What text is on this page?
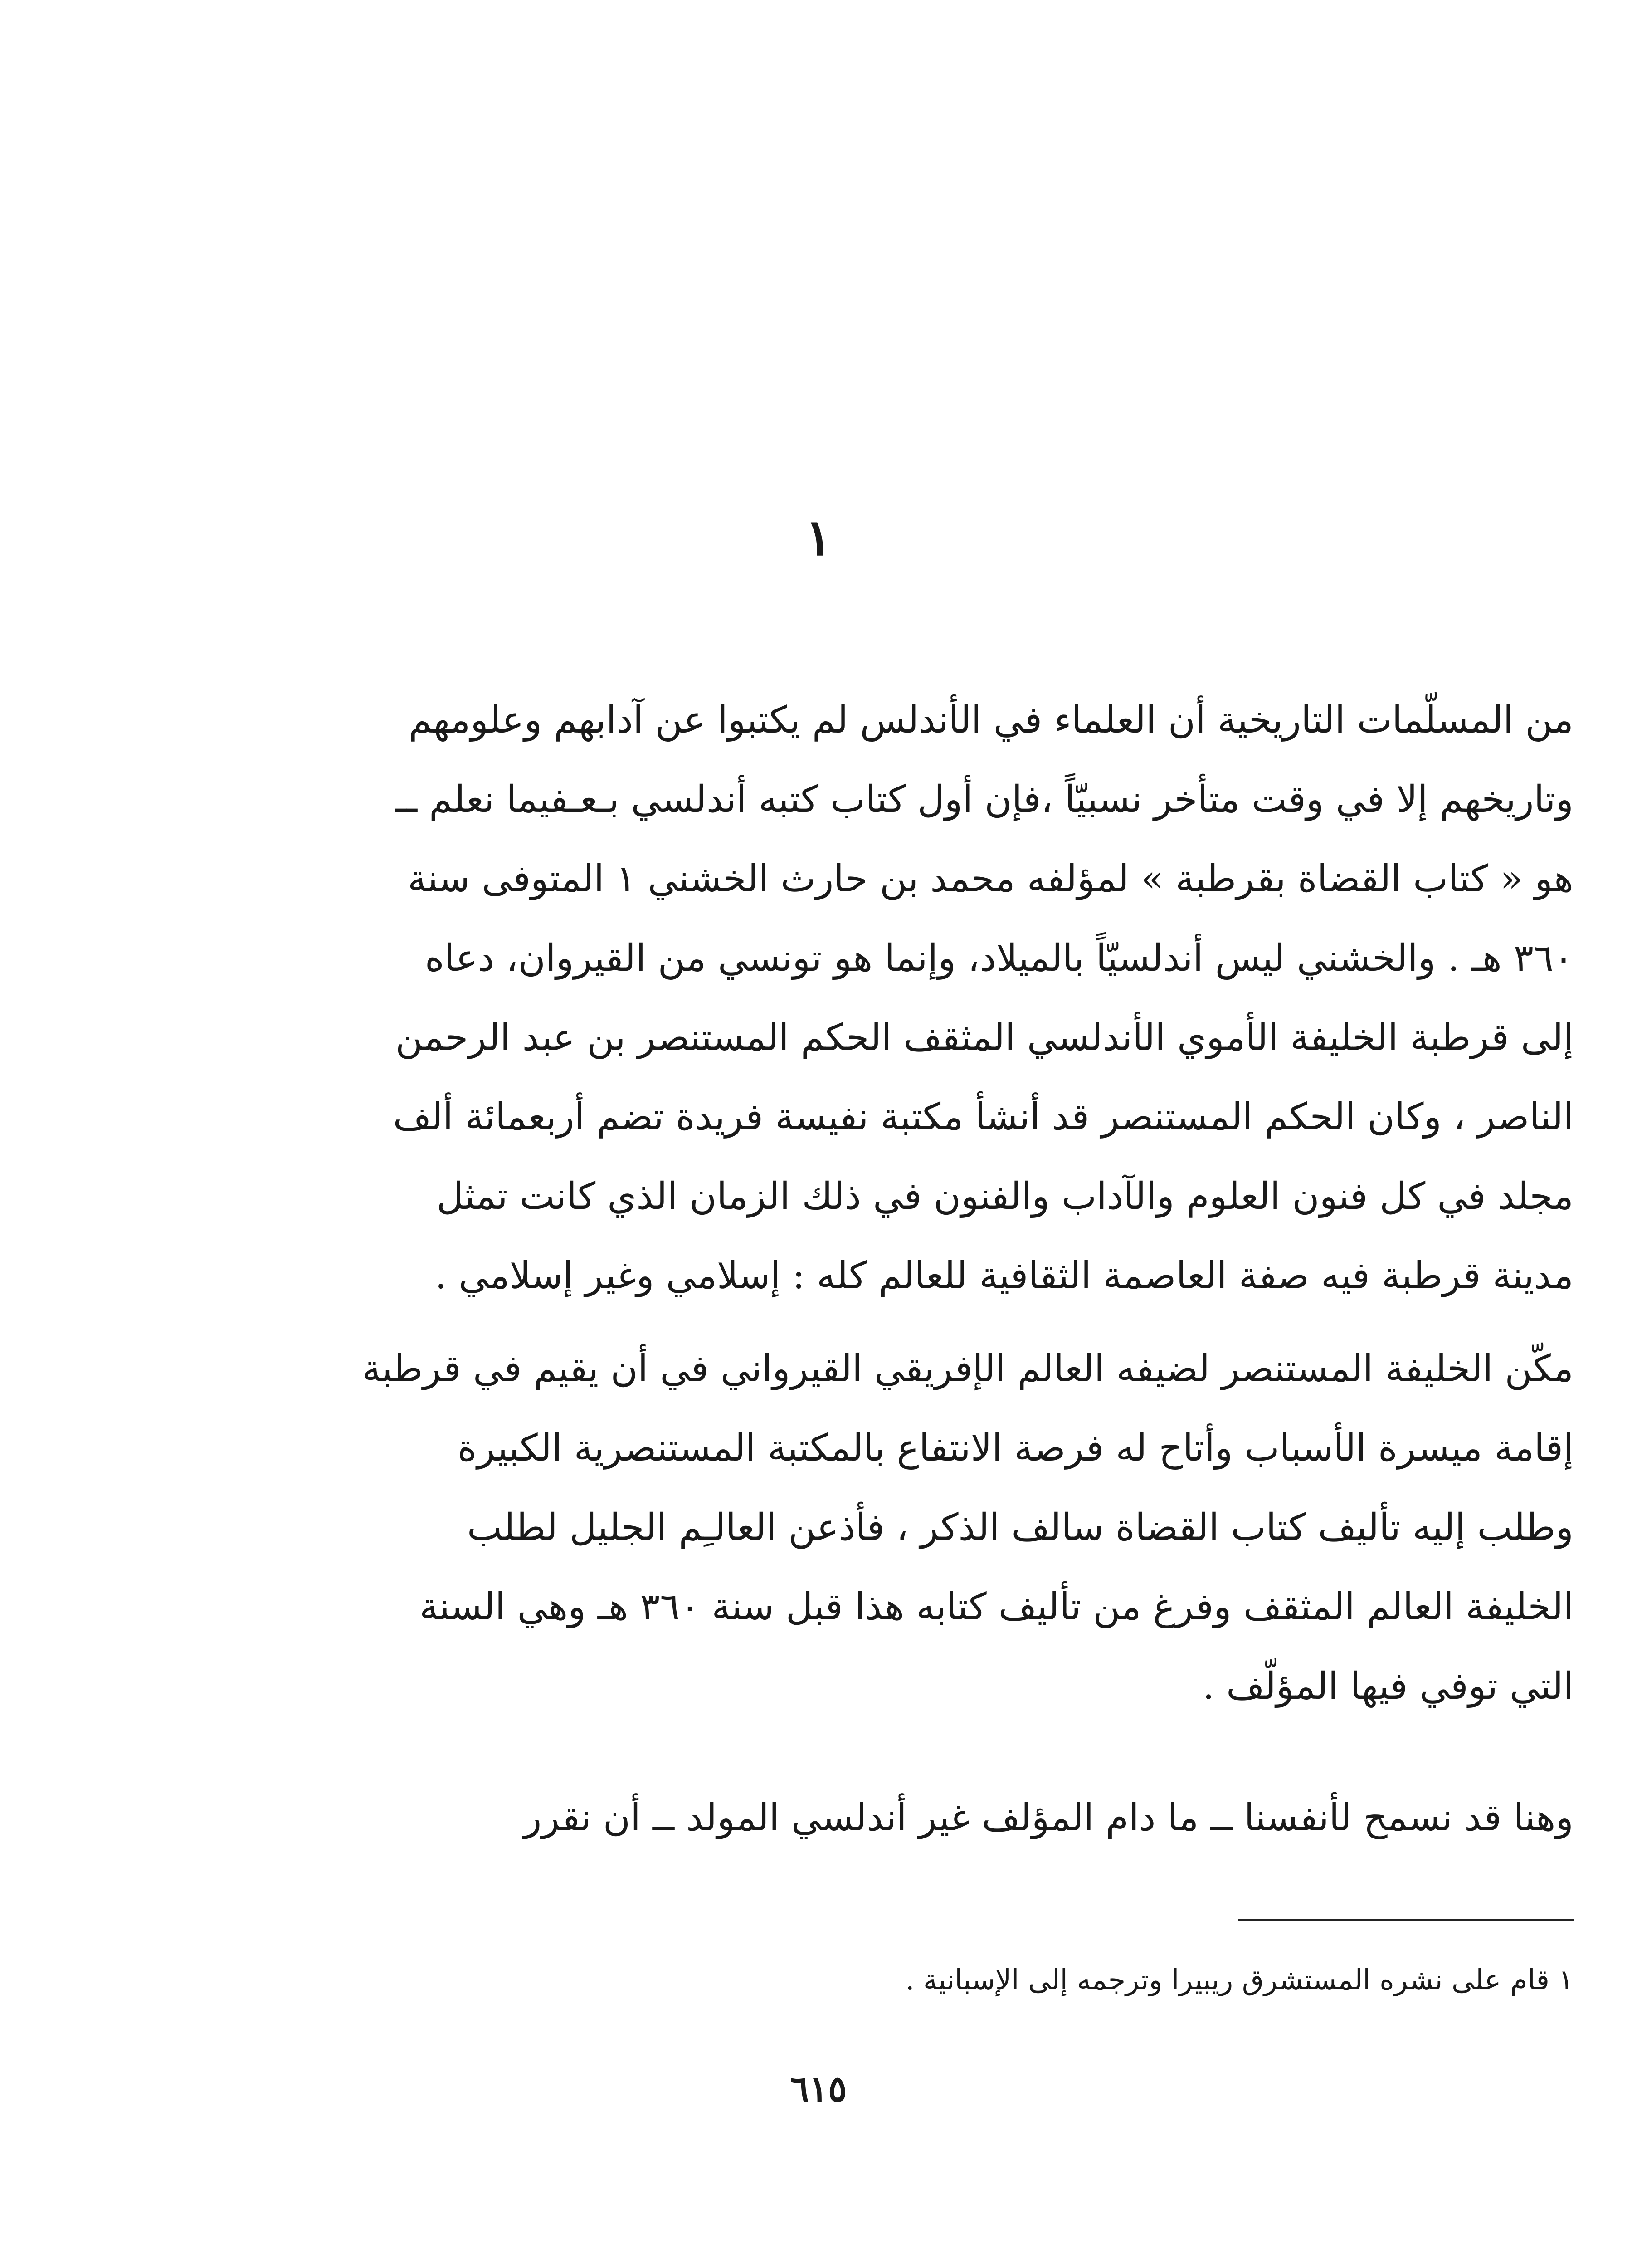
١
من المسلّمات التاريخية أن العلماء في الأندلس لم يكتبوا عن آدابهم وعلومهم
وتاريخهم إلا في وقت متأخر نسبيّاً ،فإن أول كتاب كتبه أندلسي بـعـفيما نعلم ــ
هو « كتاب القضاة بقرطبة » لمؤلفه محمد بن حارث الخشني ١ المتوفى سنة
٣٦٠ هـ . والخشني ليس أندلسيّاً بالميلاد، وإنما هو تونسي من القيروان، دعاه
إلى قرطبة الخليفة الأموي الأندلسي المثقف الحكم المستنصر بن عبد الرحمن
الناصر ، وكان الحكم المستنصر قد أنشأ مكتبة نفيسة فريدة تضم أربعمائة ألف
مجلد في كل فنون العلوم والآداب والفنون في ذلك الزمان الذي كانت تمثل
مدينة قرطبة فيه صفة العاصمة الثقافية للعالم كله : إسلامي وغير إسلامي .
مكّن الخليفة المستنصر لضيفه العالم الإفريقي القيرواني في أن يقيم في قرطبة
إقامة ميسرة الأسباب وأتاح له فرصة الانتفاع بالمكتبة المستنصرية الكبيرة
وطلب إليه تأليف كتاب القضاة سالف الذكر ، فأذعن العالـِم الجليل لطلب
الخليفة العالم المثقف وفرغ من تأليف كتابه هذا قبل سنة ٣٦٠ هـ وهي السنة
التي توفي فيها المؤلّف .
وهنا قد نسمح لأنفسنا ــ ما دام المؤلف غير أندلسي المولد ــ أن نقرر
١ قام على نشره المستشرق ريبيرا وترجمه إلى الإسبانية .
٦١٥
